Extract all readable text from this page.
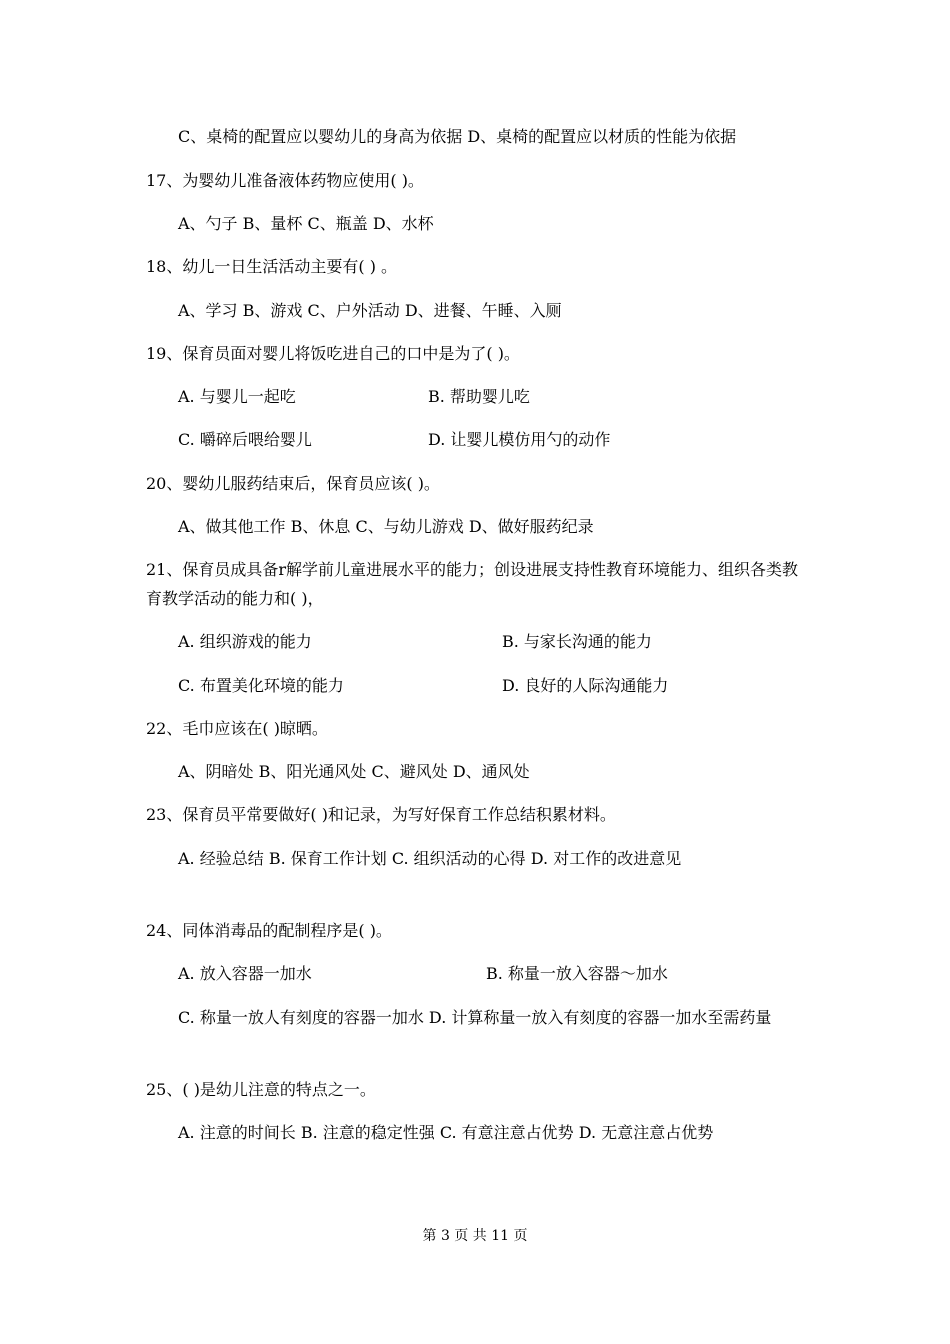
C、桌椅的配置应以婴幼儿的身高为依据 D、桌椅的配置应以材质的性能为依据
17、为婴幼儿准备液体药物应使用( )。
A、勺子 B、量杯 C、瓶盖 D、水杯
18、幼儿一日生活活动主要有( ) 。
A、学习 B、游戏 C、户外活动 D、进餐、午睡、入厕
19、保育员面对婴儿将饭吃进自己的口中是为了( )。
A. 与婴儿一起吃	B. 帮助婴儿吃
C. 嚼碎后喂给婴儿	D. 让婴儿模仿用勺的动作
20、婴幼儿服药结束后，保育员应该( )。
A、做其他工作 B、休息 C、与幼儿游戏 D、做好服药纪录
21、保育员成具备r解学前儿童进展水平的能力；创设进展支持性教育环境能力、组织各类教育教学活动的能力和( )，
A. 组织游戏的能力	B. 与家长沟通的能力
C. 布置美化环境的能力	D. 良好的人际沟通能力
22、毛巾应该在( )晾晒。
A、阴暗处 B、阳光通风处 C、避风处 D、通风处
23、保育员平常要做好( )和记录，为写好保育工作总结积累材料。
A. 经验总结 B. 保育工作计划 C. 组织活动的心得 D. 对工作的改进意见
24、同体消毒品的配制程序是( )。
A. 放入容器一加水	B. 称量一放入容器～加水
C. 称量一放人有刻度的容器一加水 D. 计算称量一放入有刻度的容器一加水至需药量
25、( )是幼儿注意的特点之一。
A. 注意的时间长 B. 注意的稳定性强 C. 有意注意占优势 D. 无意注意占优势
第 3 页 共 11 页
